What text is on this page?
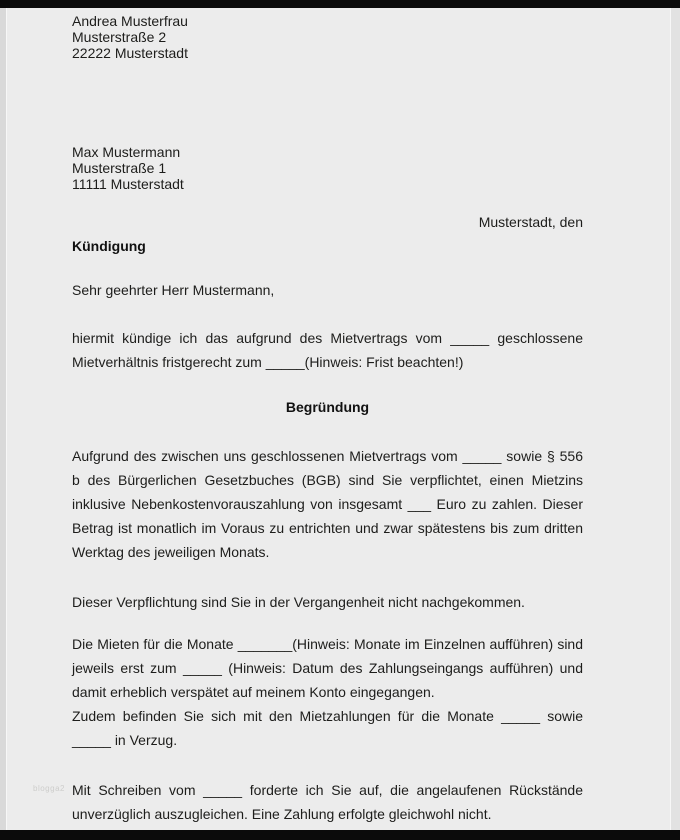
Andrea Musterfrau
Musterstraße 2
22222 Musterstadt
Max Mustermann
Musterstraße 1
11111 Musterstadt
Musterstadt, den
Kündigung
Sehr geehrter Herr Mustermann,

hiermit kündige ich das aufgrund des Mietvertrags vom _____ geschlossene Mietverhältnis fristgerecht zum _____(Hinweis: Frist beachten!)

Begründung

Aufgrund des zwischen uns geschlossenen Mietvertrags vom _____ sowie § 556 b des Bürgerlichen Gesetzbuches (BGB) sind Sie verpflichtet, einen Mietzins inklusive Nebenkostenvorauszahlung von insgesamt ___ Euro zu zahlen. Dieser Betrag ist monatlich im Voraus zu entrichten und zwar spätestens bis zum dritten Werktag des jeweiligen Monats.

Dieser Verpflichtung sind Sie in der Vergangenheit nicht nachgekommen.

Die Mieten für die Monate _______(Hinweis: Monate im Einzelnen aufführen) sind jeweils erst zum _____ (Hinweis: Datum des Zahlungseingangs aufführen) und damit erheblich verspätet auf meinem Konto eingegangen.

Zudem befinden Sie sich mit den Mietzahlungen für die Monate _____ sowie _____ in Verzug.

Mit Schreiben vom _____ forderte ich Sie auf, die angelaufenen Rückstände unverzüglich auszugleichen. Eine Zahlung erfolgte gleichwohl nicht.

blogga2
